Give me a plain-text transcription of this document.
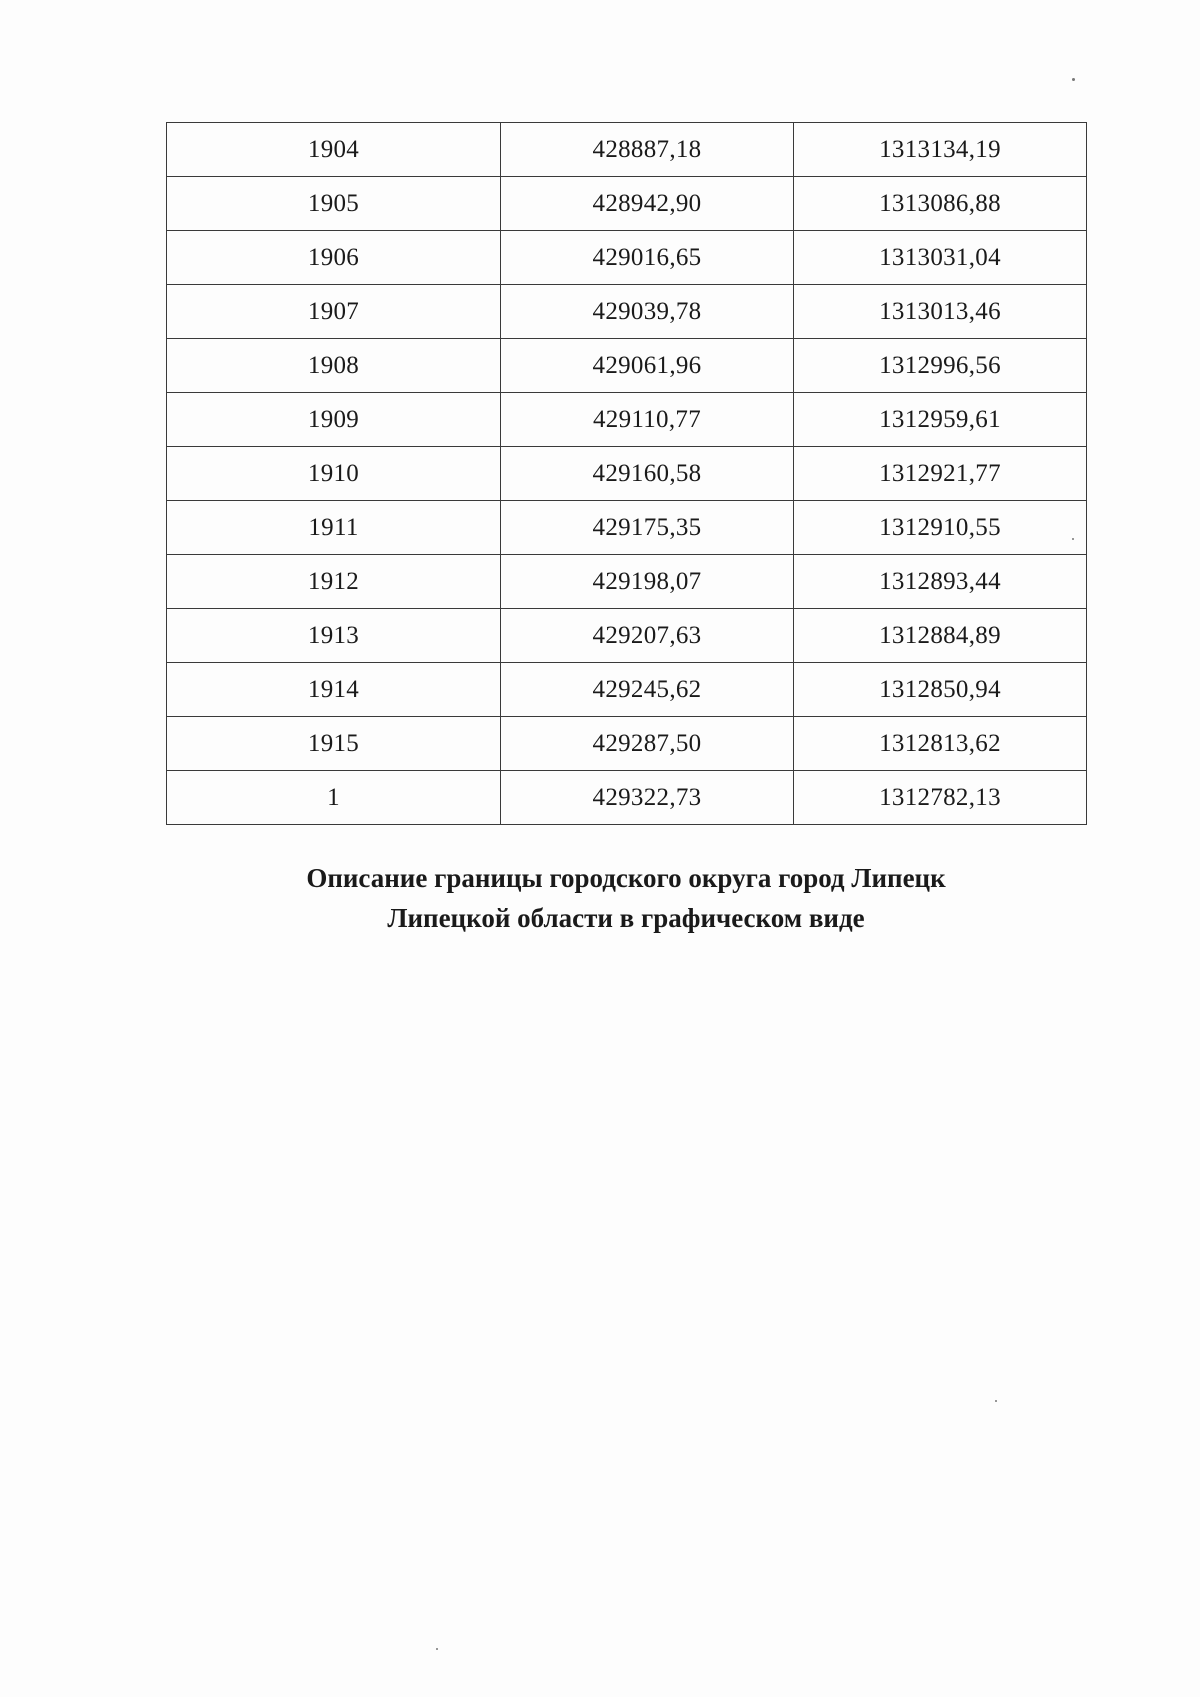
1904	428887,18	1313134,19
1905	428942,90	1313086,88
1906	429016,65	1313031,04
1907	429039,78	1313013,46
1908	429061,96	1312996,56
1909	429110,77	1312959,61
1910	429160,58	1312921,77
1911	429175,35	1312910,55
1912	429198,07	1312893,44
1913	429207,63	1312884,89
1914	429245,62	1312850,94
1915	429287,50	1312813,62
1	429322,73	1312782,13
Описание границы городского округа город Липецк
Липецкой области в графическом виде
